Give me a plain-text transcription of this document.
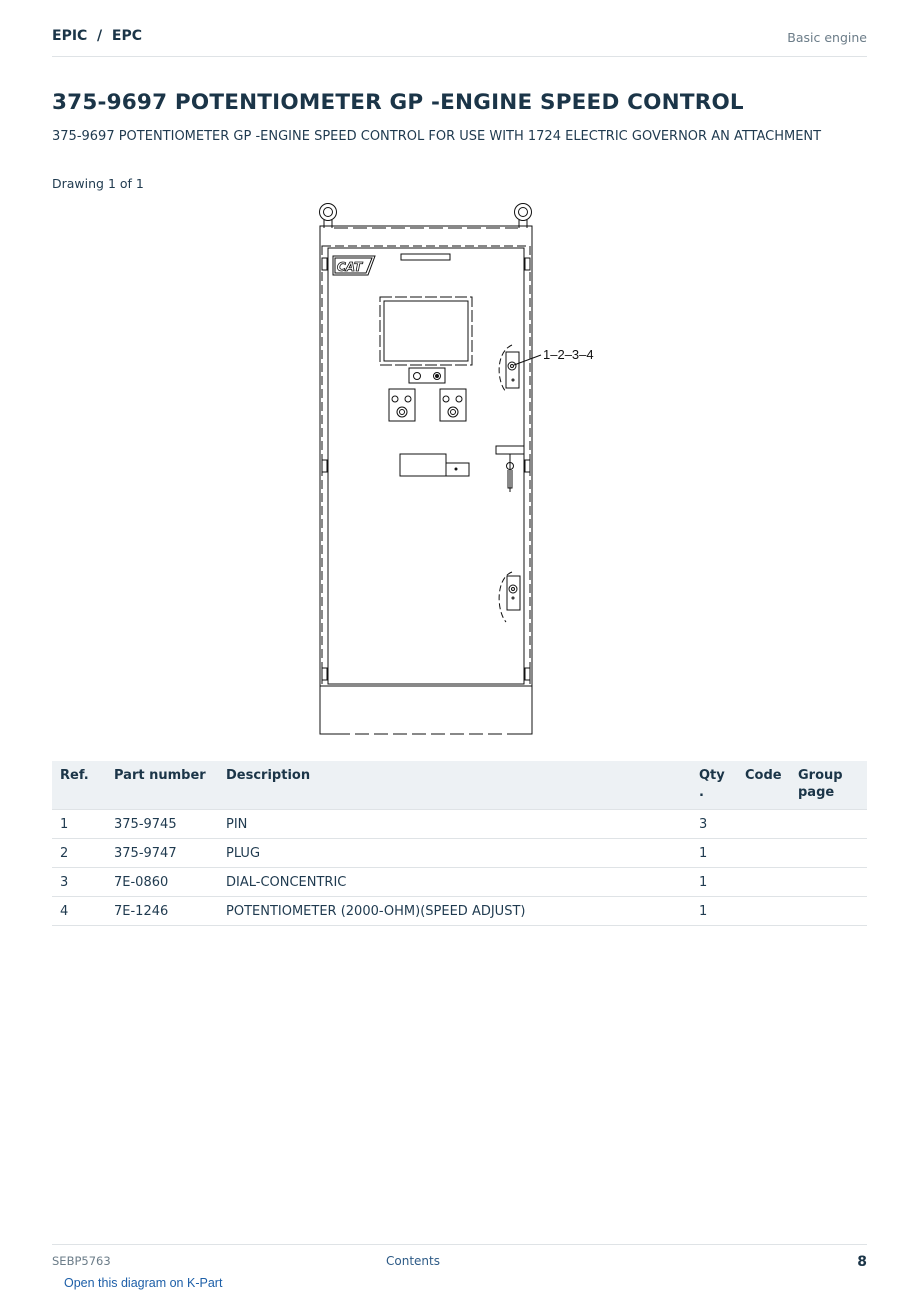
EPIC  /  EPC	Basic engine
375-9697 POTENTIOMETER GP -ENGINE SPEED CONTROL
375-9697 POTENTIOMETER GP -ENGINE SPEED CONTROL FOR USE WITH 1724 ELECTRIC GOVERNOR AN ATTACHMENT
Drawing 1 of 1
CAT
1–2–3–4
Ref.	Part number	Description	Qty .	Code	Group page
1	375-9745	PIN	3		
2	375-9747	PLUG	1		
3	7E-0860	DIAL-CONCENTRIC	1		
4	7E-1246	POTENTIOMETER (2000-OHM)(SPEED ADJUST)	1		
SEBP5763	Contents	8
Open this diagram on K-Part
